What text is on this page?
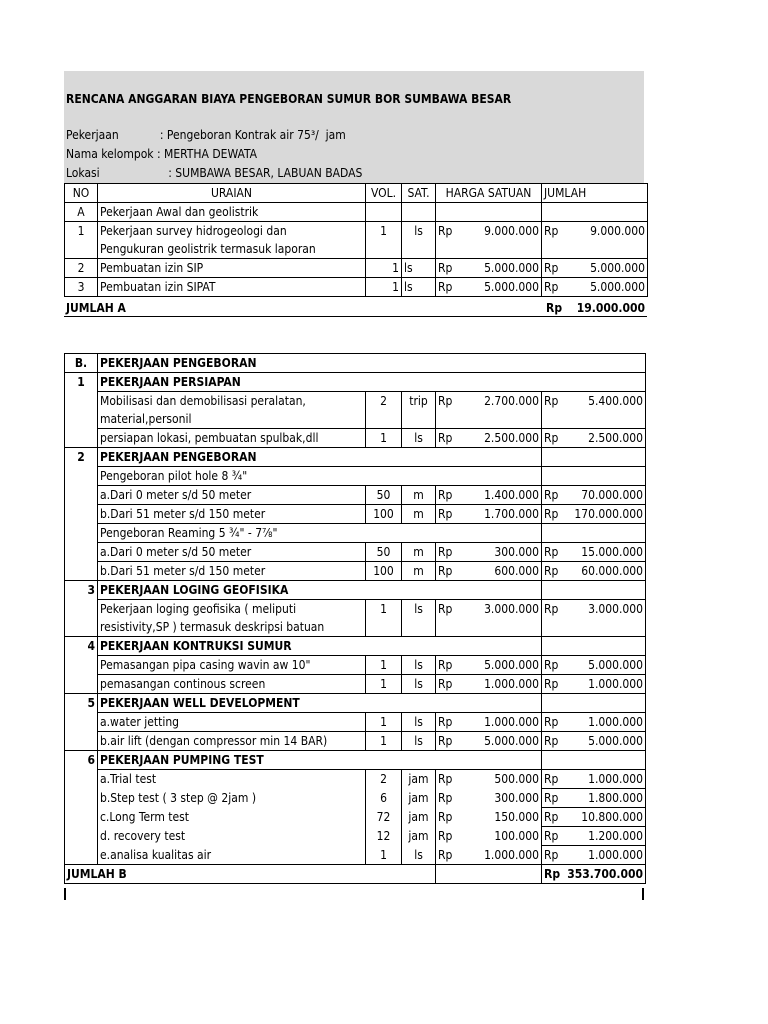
RENCANA ANGGARAN BIAYA PENGEBORAN SUMUR BOR SUMBAWA BESAR
Pekerjaan            : Pengeboran Kontrak air 75³/  jam
Nama kelompok : MERTHA DEWATA
Lokasi                    : SUMBAWA BESAR, LABUAN BADAS
NO	URAIAN	VOL.	SAT.	HARGA SATUAN	JUMLAH
A	Pekerjaan Awal dan geolistrik				
1	Pekerjaan survey hidrogeologi dan	1	ls	Rp 9.000.000	Rp 9.000.000

	Pengukuran geolistrik termasuk laporan				
2	Pembuatan izin SIP	1	ls	Rp 5.000.000	Rp 5.000.000

3	Pembuatan izin SIPAT	1	ls	Rp 5.000.000	Rp 5.000.000
JUMLAH A	Rp	19.000.000
B.	PEKERJAAN PENGEBORAN				
1	PEKERJAAN PERSIAPAN				
	Mobilisasi dan demobilisasi peralatan,	2	trip	Rp 2.700.000	Rp 5.400.000

	material,personil				
	persiapan lokasi, pembuatan spulbak,dll	1	ls	Rp 2.500.000	Rp 2.500.000

2	PEKERJAAN PENGEBORAN				
	Pengeboran pilot hole 8 ¾"				
	a.Dari 0 meter s/d 50 meter	50	m	Rp 1.400.000	Rp 70.000.000

	b.Dari 51 meter s/d 150 meter	100	m	Rp 1.700.000	Rp 170.000.000

	Pengeboran Reaming 5 ¾" - 7⅞"				
	a.Dari 0 meter s/d 50 meter	50	m	Rp 300.000	Rp 15.000.000

	b.Dari 51 meter s/d 150 meter	100	m	Rp 600.000	Rp 60.000.000

3	PEKERJAAN LOGING GEOFISIKA				
	Pekerjaan loging geofisika ( meliputi	1	ls	Rp 3.000.000	Rp 3.000.000

	resistivity,SP ) termasuk deskripsi batuan				
4	PEKERJAAN KONTRUKSI SUMUR				
	Pemasangan pipa casing wavin aw 10"	1	ls	Rp 5.000.000	Rp 5.000.000

	pemasangan continous screen	1	ls	Rp 1.000.000	Rp 1.000.000

5	PEKERJAAN WELL DEVELOPMENT				
	a.water jetting	1	ls	Rp 1.000.000	Rp 1.000.000

	b.air lift (dengan compressor min 14 BAR)	1	ls	Rp 5.000.000	Rp 5.000.000

6	PEKERJAAN PUMPING TEST				
	a.Trial test	2	jam	Rp 500.000	Rp 1.000.000

	b.Step test ( 3 step @ 2jam )	6	jam	Rp 300.000	Rp 1.800.000

	c.Long Term test	72	jam	Rp 150.000	Rp 10.800.000

	d. recovery test	12	jam	Rp 100.000	Rp 1.200.000

	e.analisa kualitas air	1	ls	Rp 1.000.000	Rp 1.000.000

JUMLAH B					Rp 353.700.000
